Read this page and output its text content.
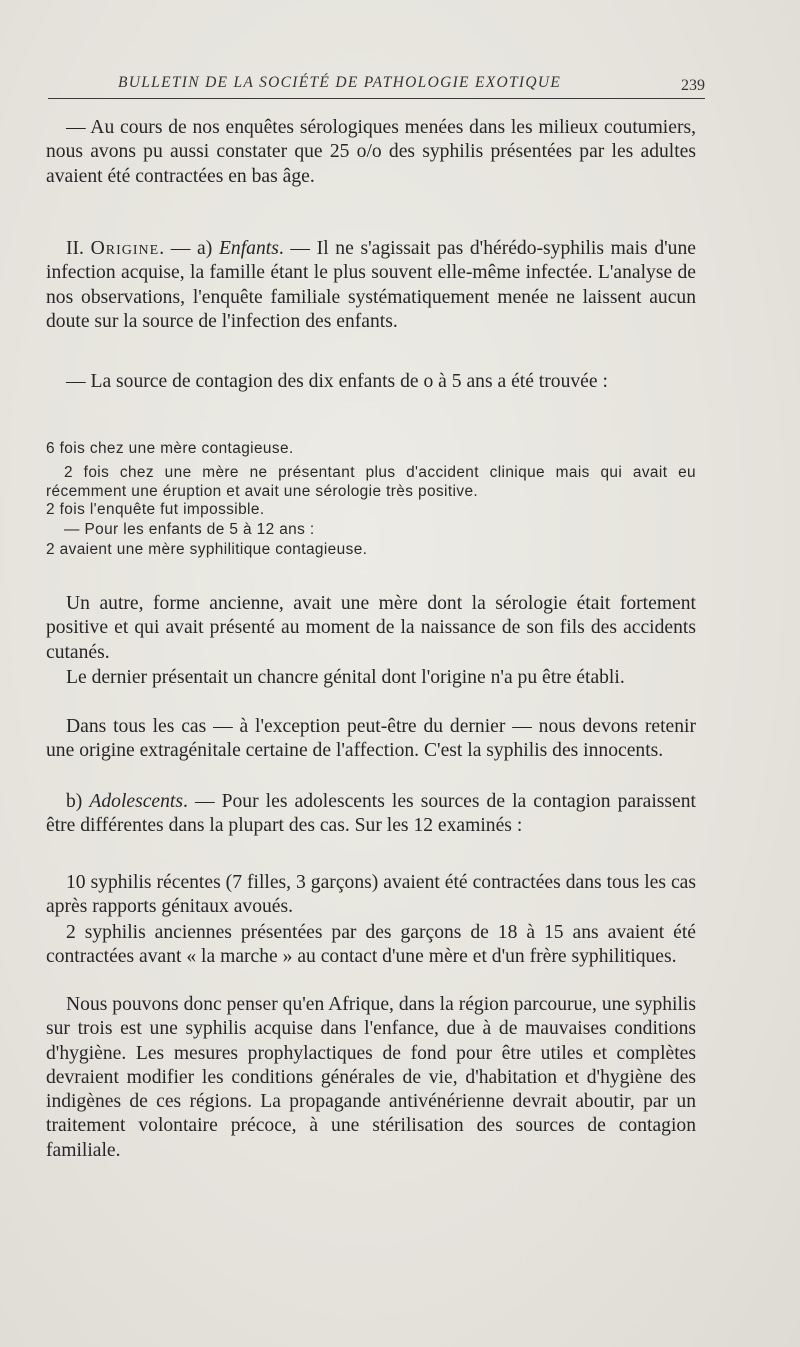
BULLETIN DE LA SOCIÉTÉ DE PATHOLOGIE EXOTIQUE	239

— Au cours de nos enquêtes sérologiques menées dans les milieux coutumiers, nous avons pu aussi constater que 25 o/o des syphilis présentées par les adultes avaient été contractées en bas âge.

II. Origine. — a) Enfants. — Il ne s'agissait pas d'hérédo-syphilis mais d'une infection acquise, la famille étant le plus souvent elle-même infectée. L'analyse de nos observations, l'enquête familiale systématiquement menée ne laissent aucun doute sur la source de l'infection des enfants.

— La source de contagion des dix enfants de o à 5 ans a été trouvée :

6 fois chez une mère contagieuse.

2 fois chez une mère ne présentant plus d'accident clinique mais qui avait eu récemment une éruption et avait une sérologie très positive.

2 fois l'enquête fut impossible.

— Pour les enfants de 5 à 12 ans :

2 avaient une mère syphilitique contagieuse.

Un autre, forme ancienne, avait une mère dont la sérologie était fortement positive et qui avait présenté au moment de la naissance de son fils des accidents cutanés.

Le dernier présentait un chancre génital dont l'origine n'a pu être établi.

Dans tous les cas — à l'exception peut-être du dernier — nous devons retenir une origine extragénitale certaine de l'affection. C'est la syphilis des innocents.

b) Adolescents. — Pour les adolescents les sources de la contagion paraissent être différentes dans la plupart des cas. Sur les 12 examinés :

10 syphilis récentes (7 filles, 3 garçons) avaient été contractées dans tous les cas après rapports génitaux avoués.

2 syphilis anciennes présentées par des garçons de 18 à 15 ans avaient été contractées avant « la marche » au contact d'une mère et d'un frère syphilitiques.

Nous pouvons donc penser qu'en Afrique, dans la région parcourue, une syphilis sur trois est une syphilis acquise dans l'enfance, due à de mauvaises conditions d'hygiène. Les mesures prophylactiques de fond pour être utiles et complètes devraient modifier les conditions générales de vie, d'habitation et d'hygiène des indigènes de ces régions. La propagande antivénérienne devrait aboutir, par un traitement volontaire précoce, à une stérilisation des sources de contagion familiale.
